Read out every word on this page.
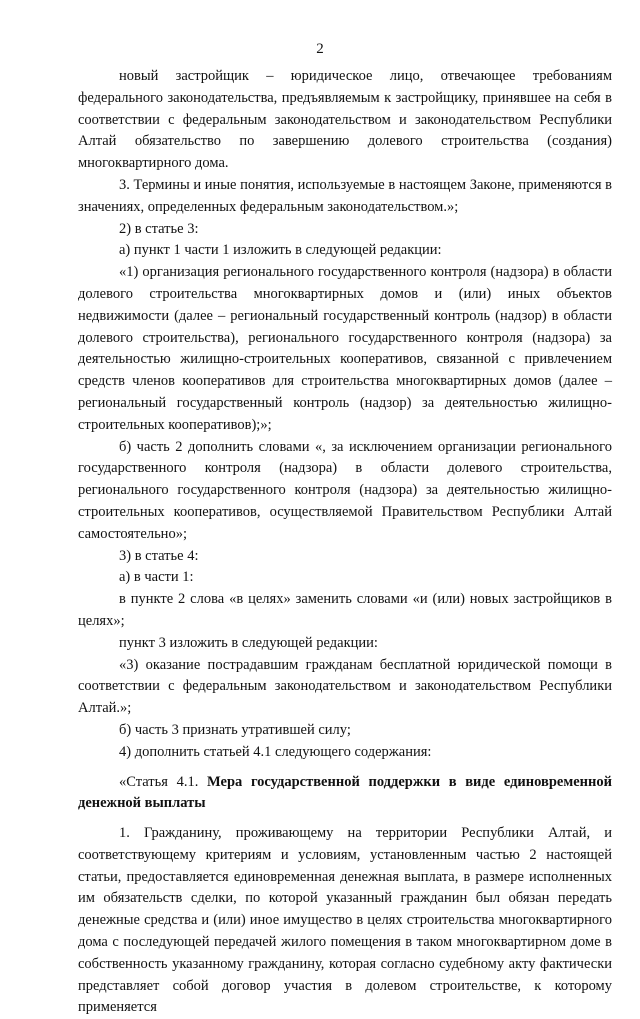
2

новый застройщик – юридическое лицо, отвечающее требованиям федерального законодательства, предъявляемым к застройщику, принявшее на себя в соответствии с федеральным законодательством и законодательством Республики Алтай обязательство по завершению долевого строительства (создания) многоквартирного дома.

3. Термины и иные понятия, используемые в настоящем Законе, применяются в значениях, определенных федеральным законодательством.»;

2) в статье 3:

а) пункт 1 части 1 изложить в следующей редакции:

«1) организация регионального государственного контроля (надзора) в области долевого строительства многоквартирных домов и (или) иных объектов недвижимости (далее – региональный государственный контроль (надзор) в области долевого строительства), регионального государственного контроля (надзора) за деятельностью жилищно-строительных кооперативов, связанной с привлечением средств членов кооперативов для строительства многоквартирных домов (далее – региональный государственный контроль (надзор) за деятельностью жилищно-строительных кооперативов);»;

б) часть 2 дополнить словами «, за исключением организации регионального государственного контроля (надзора) в области долевого строительства, регионального государственного контроля (надзора) за деятельностью жилищно-строительных кооперативов, осуществляемой Правительством Республики Алтай самостоятельно»;

3) в статье 4:

а) в части 1:

в пункте 2 слова «в целях» заменить словами «и (или) новых застройщиков в целях»;

пункт 3 изложить в следующей редакции:

«3) оказание пострадавшим гражданам бесплатной юридической помощи в соответствии с федеральным законодательством и законодательством Республики Алтай.»;

б) часть 3 признать утратившей силу;

4) дополнить статьей 4.1 следующего содержания:

«Статья 4.1. Мера государственной поддержки в виде единовременной денежной выплаты

1. Гражданину, проживающему на территории Республики Алтай, и соответствующему критериям и условиям, установленным частью 2 настоящей статьи, предоставляется единовременная денежная выплата, в размере исполненных им обязательств сделки, по которой указанный гражданин был обязан передать денежные средства и (или) иное имущество в целях строительства многоквартирного дома с последующей передачей жилого помещения в таком многоквартирном доме в собственность указанному гражданину, которая согласно судебному акту фактически представляет собой договор участия в долевом строительстве, к которому применяется
